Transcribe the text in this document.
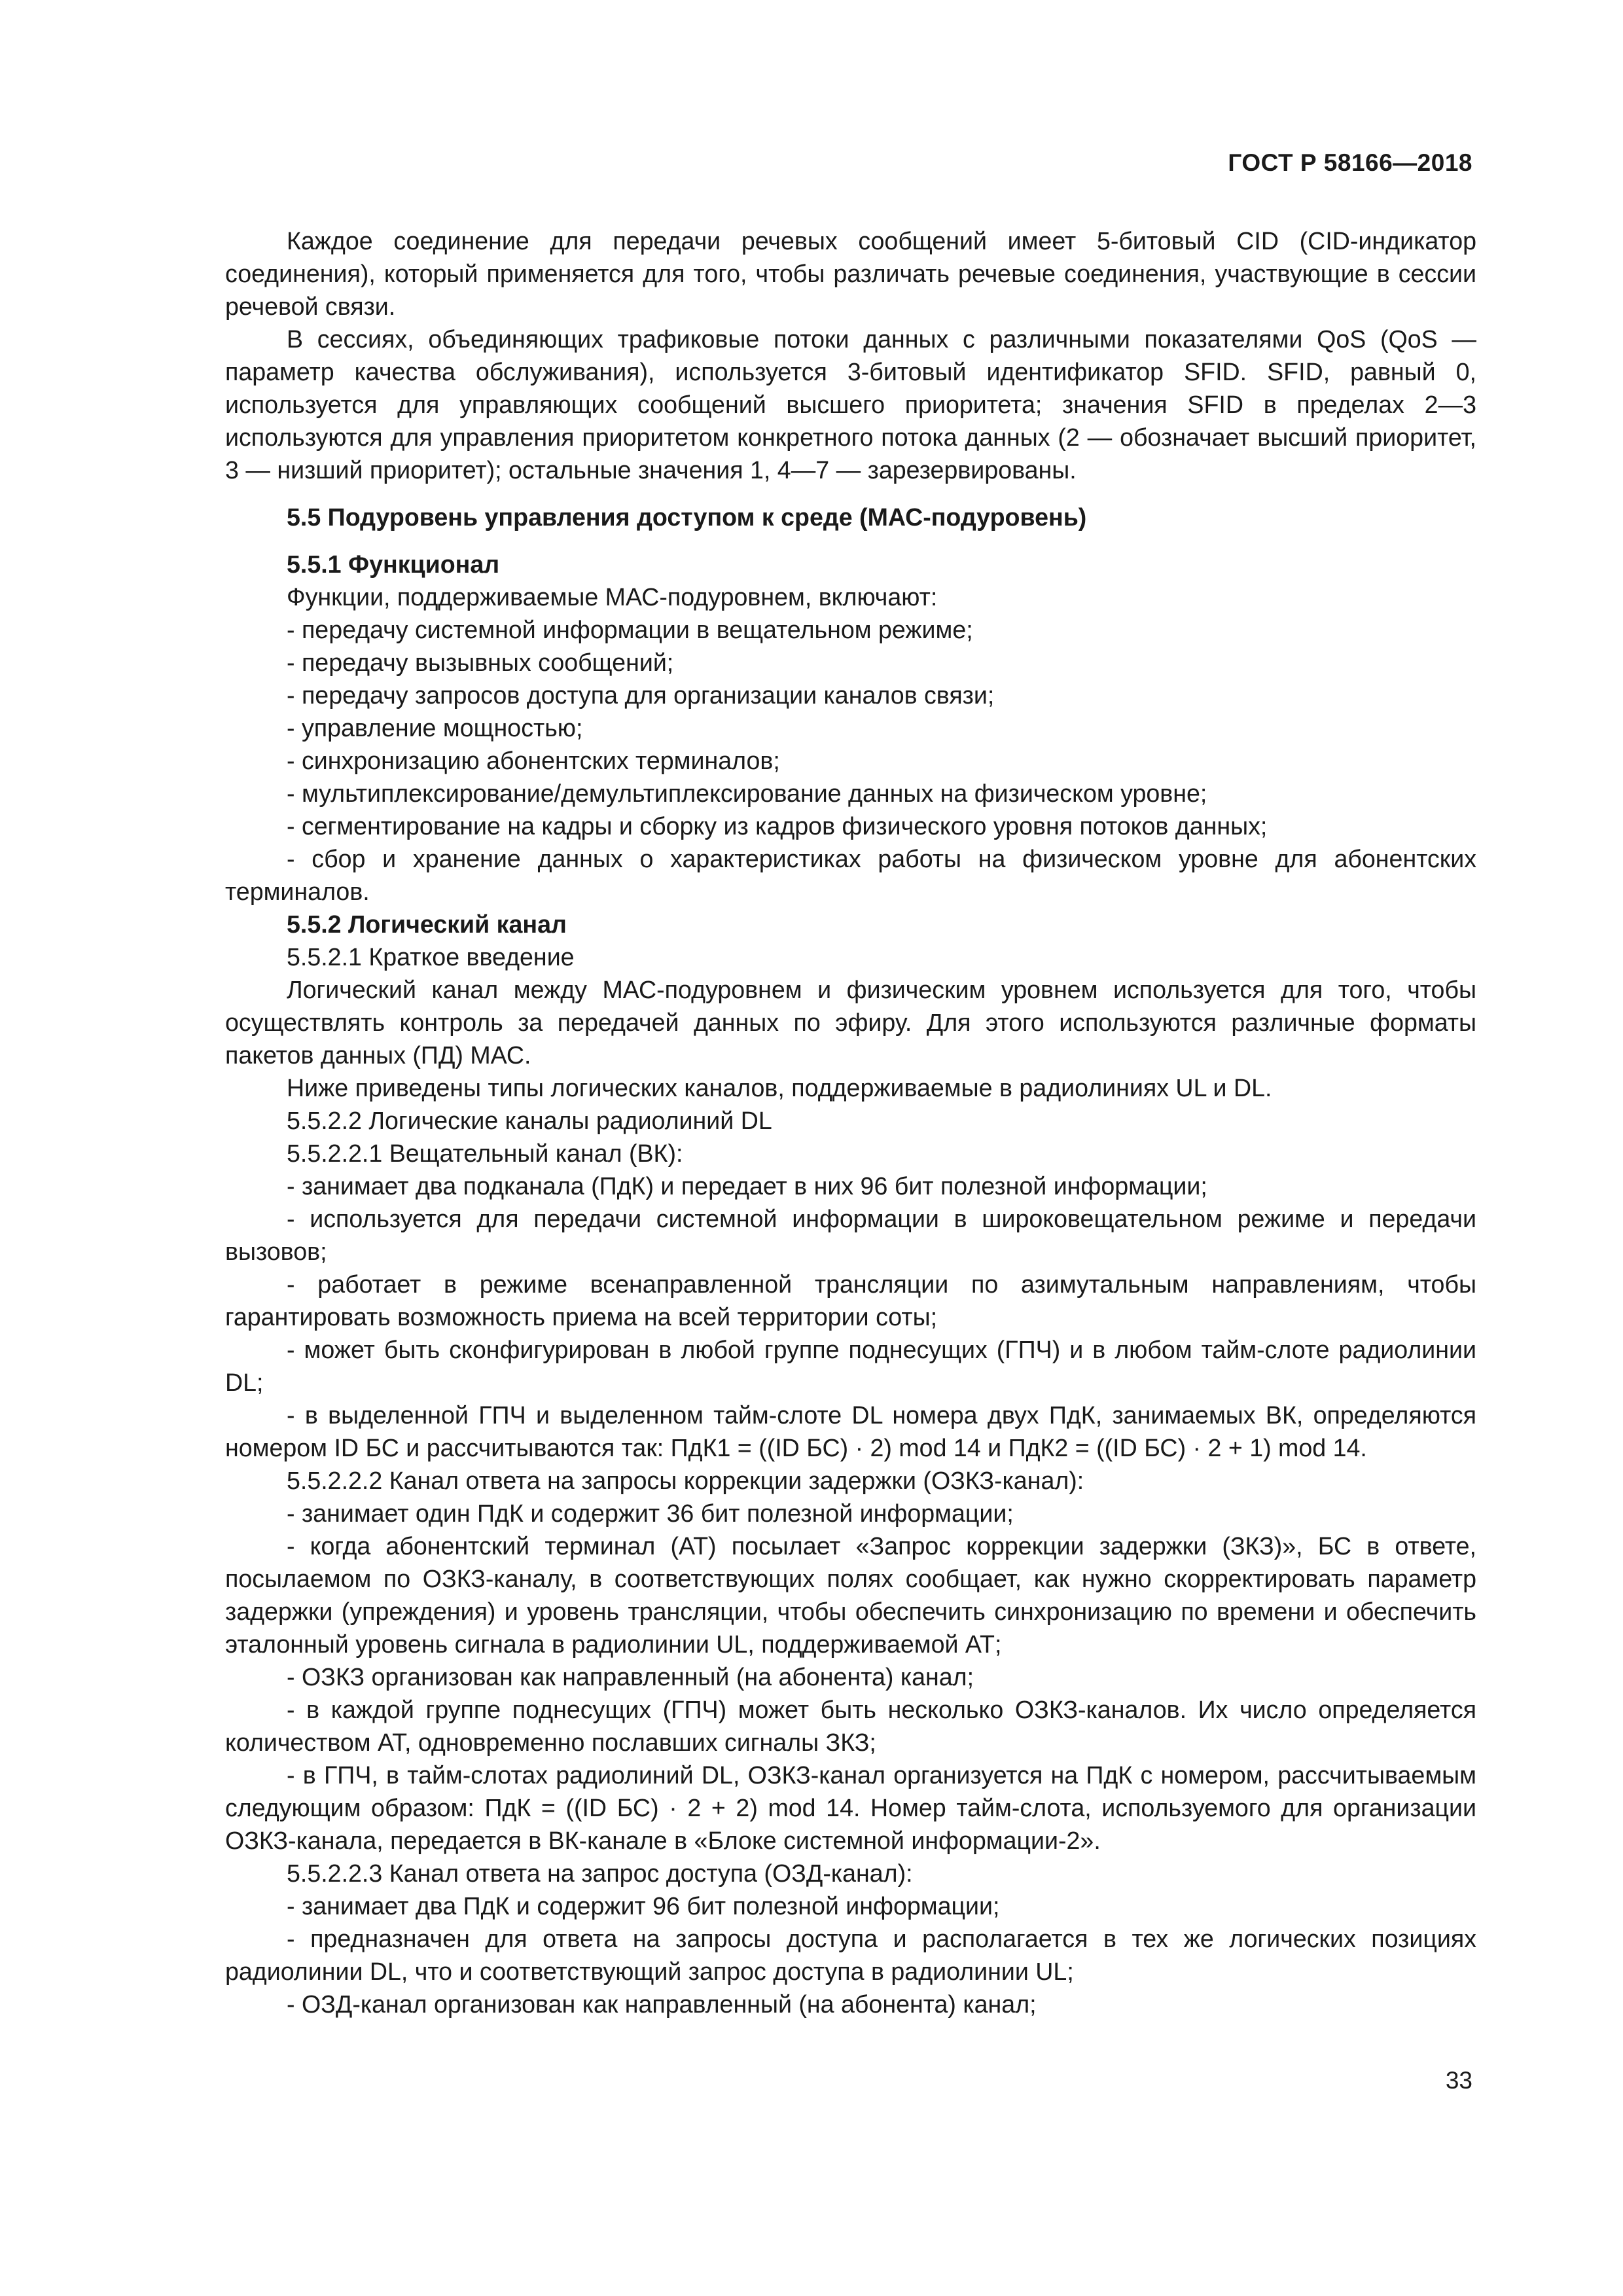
ГОСТ Р 58166—2018

Каждое соединение для передачи речевых сообщений имеет 5-битовый CID (CID-индикатор соединения), который применяется для того, чтобы различать речевые соединения, участвующие в сессии речевой связи.

В сессиях, объединяющих трафиковые потоки данных с различными показателями QoS (QoS — параметр качества обслуживания), используется 3-битовый идентификатор SFID. SFID, равный 0, используется для управляющих сообщений высшего приоритета; значения SFID в пределах 2—3 используются для управления приоритетом конкретного потока данных (2 — обозначает высший приоритет, 3 — низший приоритет); остальные значения 1, 4—7 — зарезервированы.

5.5 Подуровень управления доступом к среде (МАС-подуровень)

5.5.1 Функционал

Функции, поддерживаемые МАС-подуровнем, включают:

- передачу системной информации в вещательном режиме;

- передачу вызывных сообщений;

- передачу запросов доступа для организации каналов связи;

- управление мощностью;

- синхронизацию абонентских терминалов;

- мультиплексирование/демультиплексирование данных на физическом уровне;

- сегментирование на кадры и сборку из кадров физического уровня потоков данных;

- сбор и хранение данных о характеристиках работы на физическом уровне для абонентских терминалов.

5.5.2 Логический канал

5.5.2.1 Краткое введение

Логический канал между МАС-подуровнем и физическим уровнем используется для того, чтобы осуществлять контроль за передачей данных по эфиру. Для этого используются различные форматы пакетов данных (ПД) МАС.

Ниже приведены типы логических каналов, поддерживаемые в радиолиниях UL и DL.

5.5.2.2 Логические каналы радиолиний DL

5.5.2.2.1 Вещательный канал (ВК):

- занимает два подканала (ПдК) и передает в них 96 бит полезной информации;

- используется для передачи системной информации в широковещательном режиме и передачи вызовов;

- работает в режиме всенаправленной трансляции по азимутальным направлениям, чтобы гарантировать возможность приема на всей территории соты;

- может быть сконфигурирован в любой группе поднесущих (ГПЧ) и в любом тайм-слоте радиолинии DL;

- в выделенной ГПЧ и выделенном тайм-слоте DL номера двух ПдК, занимаемых ВК, определяются номером ID БС и рассчитываются так: ПдК1 = ((ID БС) · 2) mod 14 и ПдК2 = ((ID БС) · 2 + 1) mod 14.

5.5.2.2.2 Канал ответа на запросы коррекции задержки (ОЗКЗ-канал):

- занимает один ПдК и содержит 36 бит полезной информации;

- когда абонентский терминал (АТ) посылает «Запрос коррекции задержки (ЗКЗ)», БС в ответе, посылаемом по ОЗКЗ-каналу, в соответствующих полях сообщает, как нужно скорректировать параметр задержки (упреждения) и уровень трансляции, чтобы обеспечить синхронизацию по времени и обеспечить эталонный уровень сигнала в радиолинии UL, поддерживаемой АТ;

- ОЗКЗ организован как направленный (на абонента) канал;

- в каждой группе поднесущих (ГПЧ) может быть несколько ОЗКЗ-каналов. Их число определяется количеством АТ, одновременно пославших сигналы ЗКЗ;

- в ГПЧ, в тайм-слотах радиолиний DL, ОЗКЗ-канал организуется на ПдК с номером, рассчитываемым следующим образом: ПдК = ((ID БС) · 2 + 2) mod 14. Номер тайм-слота, используемого для организации ОЗКЗ-канала, передается в ВК-канале в «Блоке системной информации-2».

5.5.2.2.3 Канал ответа на запрос доступа (ОЗД-канал):

- занимает два ПдК и содержит 96 бит полезной информации;

- предназначен для ответа на запросы доступа и располагается в тех же логических позициях радиолинии DL, что и соответствующий запрос доступа в радиолинии UL;

- ОЗД-канал организован как направленный (на абонента) канал;

33
